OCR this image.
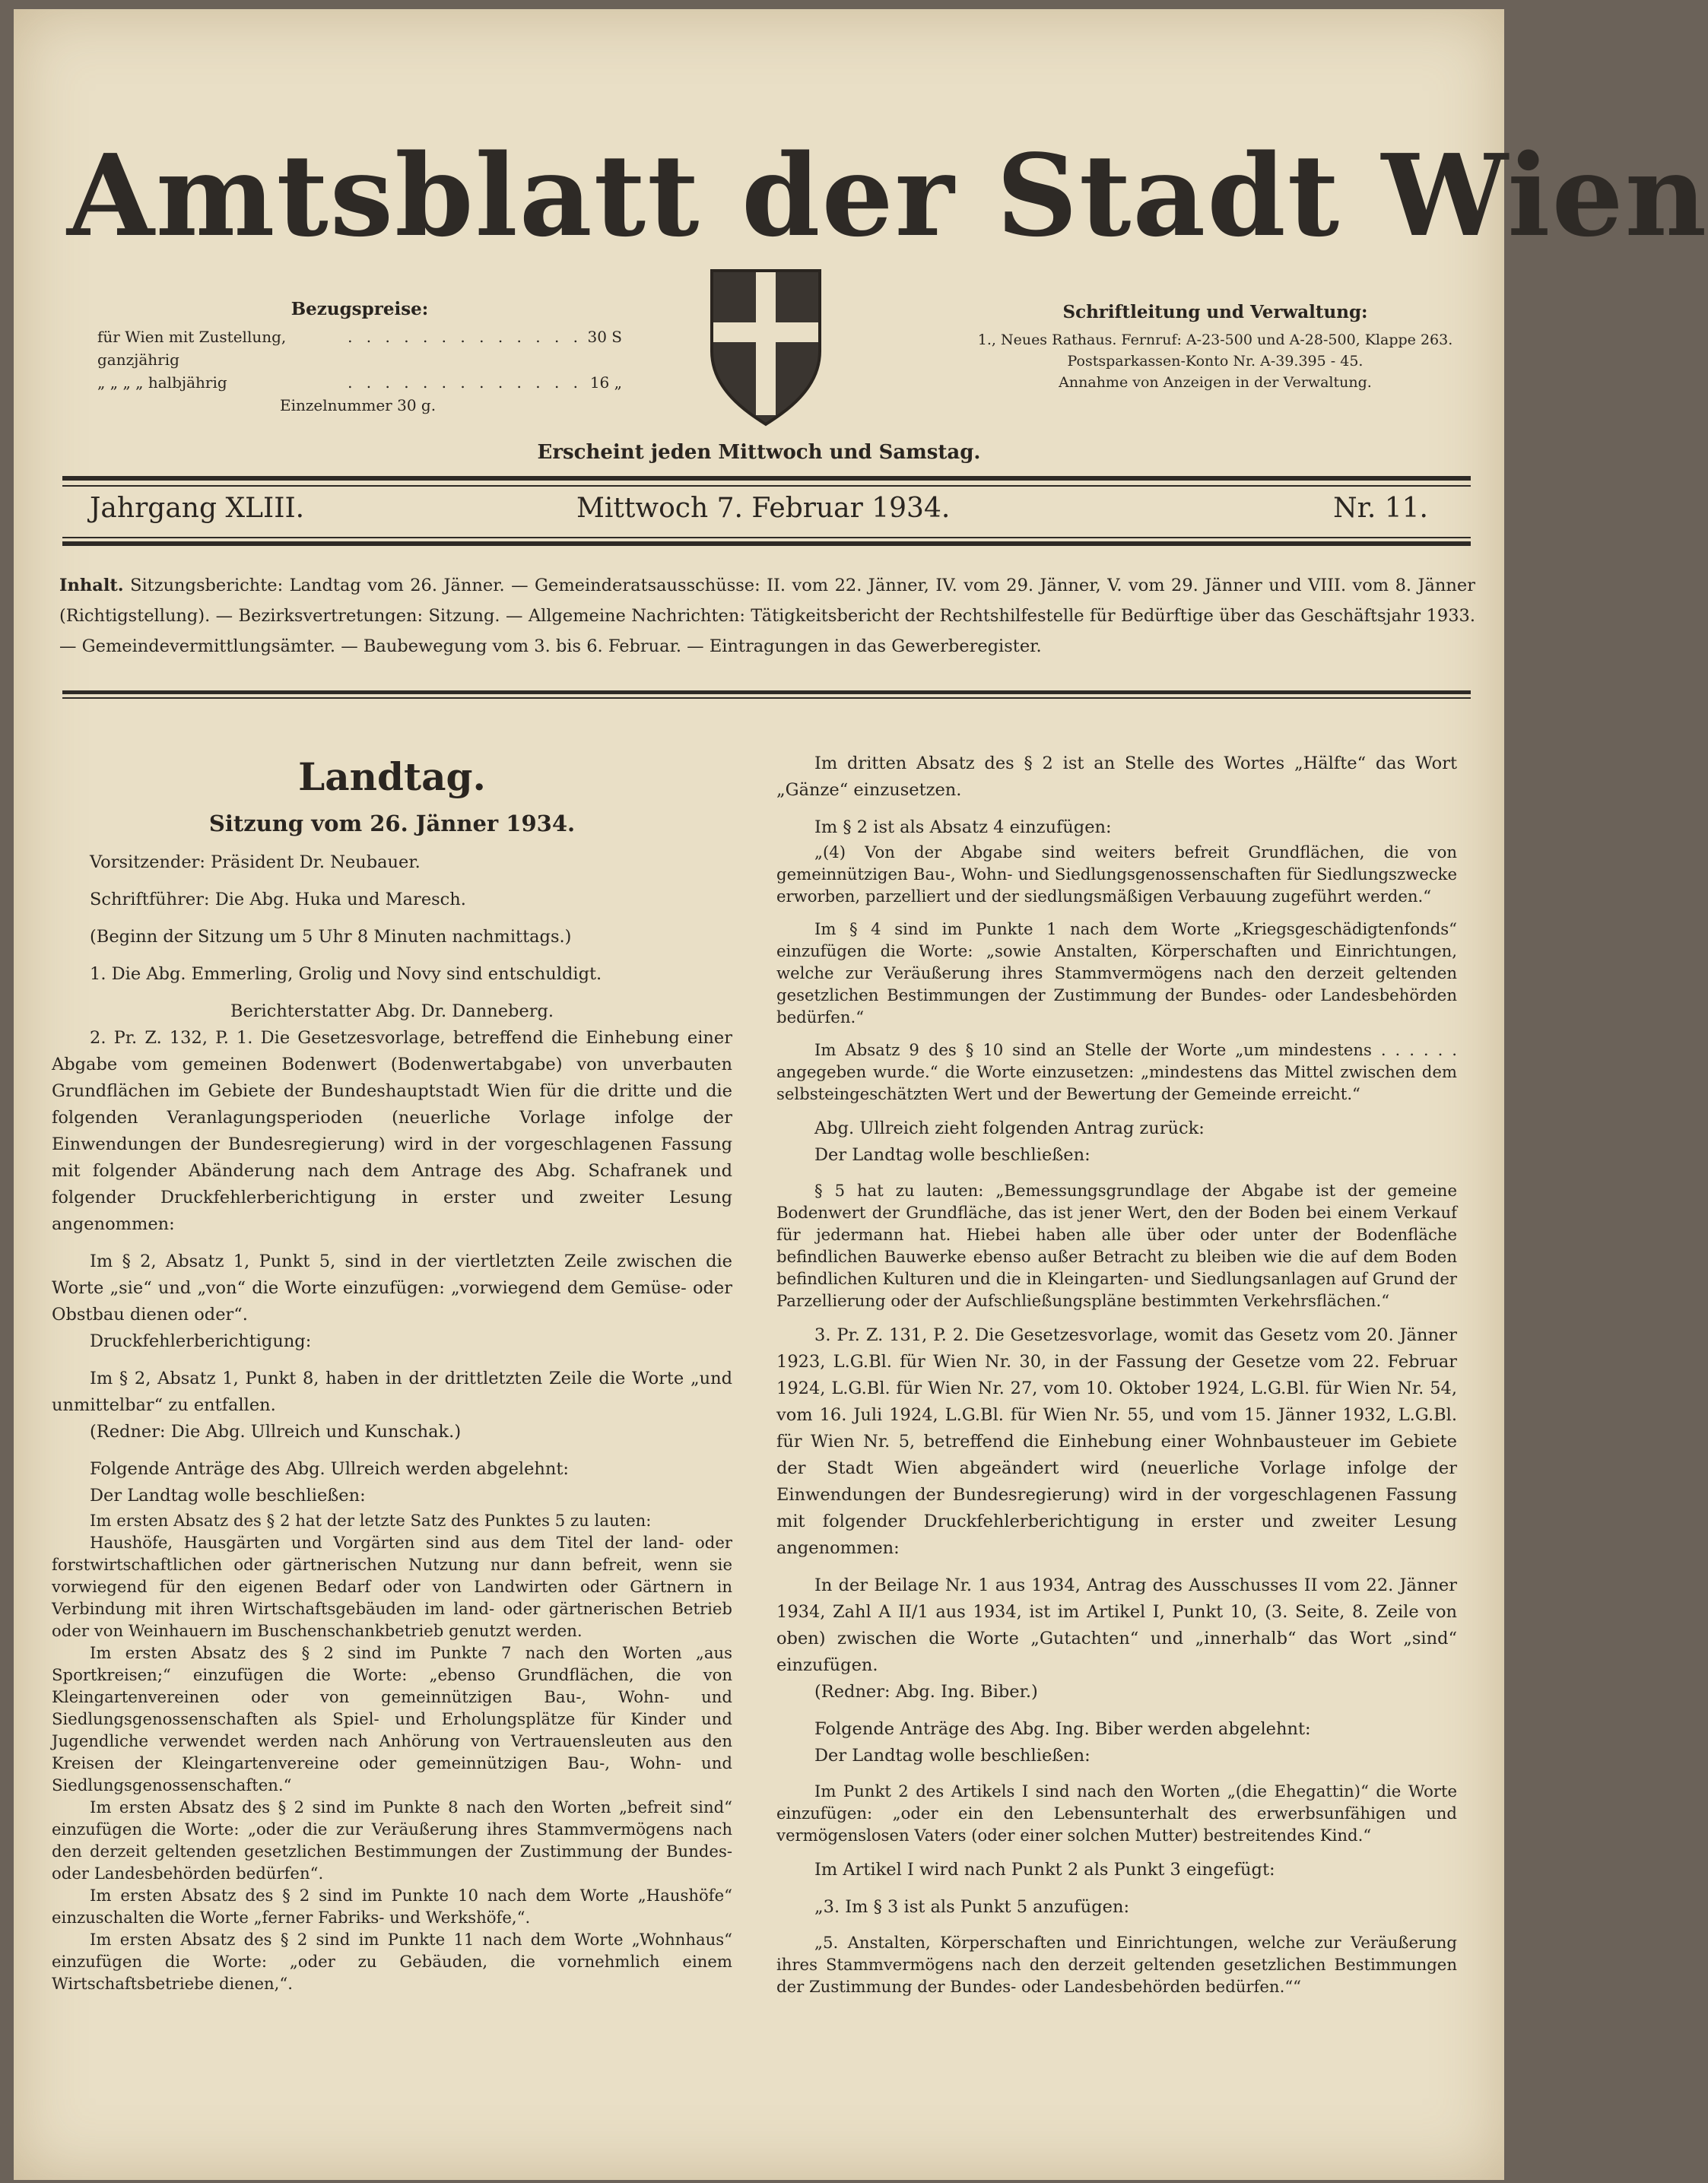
Amtsblatt der Stadt Wien
Bezugspreise:
für Wien mit Zustellung, ganzjährig
. . . . . . . . . . . . . 30 S
„ „ „ „ halbjährig	. . . . . . . . . . . . . 16 „
Einzelnummer 30 g.
Schriftleitung und Verwaltung:
1., Neues Rathaus. Fernruf: A-23-500 und A-28-500, Klappe 263.
Postsparkassen-Konto Nr. A-39.395 - 45.
Annahme von Anzeigen in der Verwaltung.
Erscheint jeden Mittwoch und Samstag.
Jahrgang XLIII.	Mittwoch 7. Februar 1934.	Nr. 11.
Inhalt. Sitzungsberichte: Landtag vom 26. Jänner. — Gemeinderatsausschüsse: II. vom 22. Jänner, IV. vom 29. Jänner, V. vom 29. Jänner und VIII. vom 8. Jänner (Richtigstellung). — Bezirksvertretungen: Sitzung. — Allgemeine Nachrichten: Tätigkeitsbericht der Rechtshilfestelle für Bedürftige über das Geschäftsjahr 1933. — Gemeindevermittlungsämter. — Baubewegung vom 3. bis 6. Februar. — Eintragungen in das Gewerberegister.
Landtag.
Sitzung vom 26. Jänner 1934.

Vorsitzender: Präsident Dr. Neubauer.

Schriftführer: Die Abg. Huka und Maresch.

(Beginn der Sitzung um 5 Uhr 8 Minuten nachmittags.)

1. Die Abg. Emmerling, Grolig und Novy sind entschuldigt.

Berichterstatter Abg. Dr. Danneberg.

2. Pr. Z. 132, P. 1. Die Gesetzesvorlage, betreffend die Einhebung einer Abgabe vom gemeinen Bodenwert (Bodenwertabgabe) von unverbauten Grundflächen im Gebiete der Bundeshauptstadt Wien für die dritte und die folgenden Veranlagungsperioden (neuerliche Vorlage infolge der Einwendungen der Bundesregierung) wird in der vorgeschlagenen Fassung mit folgender Abänderung nach dem Antrage des Abg. Schafranek und folgender Druckfehlerberichtigung in erster und zweiter Lesung angenommen:

Im § 2, Absatz 1, Punkt 5, sind in der viertletzten Zeile zwischen die Worte „sie“ und „von“ die Worte einzufügen: „vorwiegend dem Gemüse- oder Obstbau dienen oder“.

Druckfehlerberichtigung:

Im § 2, Absatz 1, Punkt 8, haben in der drittletzten Zeile die Worte „und unmittelbar“ zu entfallen.

(Redner: Die Abg. Ullreich und Kunschak.)

Folgende Anträge des Abg. Ullreich werden abgelehnt:

Der Landtag wolle beschließen:

Im ersten Absatz des § 2 hat der letzte Satz des Punktes 5 zu lauten:

Haushöfe, Hausgärten und Vorgärten sind aus dem Titel der land- oder forstwirtschaftlichen oder gärtnerischen Nutzung nur dann befreit, wenn sie vorwiegend für den eigenen Bedarf oder von Landwirten oder Gärtnern in Verbindung mit ihren Wirtschaftsgebäuden im land- oder gärtnerischen Betrieb oder von Weinhauern im Buschenschankbetrieb genutzt werden.

Im ersten Absatz des § 2 sind im Punkte 7 nach den Worten „aus Sportkreisen;“ einzufügen die Worte: „ebenso Grundflächen, die von Kleingartenvereinen oder von gemeinnützigen Bau-, Wohn- und Siedlungsgenossenschaften als Spiel- und Erholungsplätze für Kinder und Jugendliche verwendet werden nach Anhörung von Vertrauensleuten aus den Kreisen der Kleingartenvereine oder gemeinnützigen Bau-, Wohn- und Siedlungsgenossenschaften.“

Im ersten Absatz des § 2 sind im Punkte 8 nach den Worten „befreit sind“ einzufügen die Worte: „oder die zur Veräußerung ihres Stammvermögens nach den derzeit geltenden gesetzlichen Bestimmungen der Zustimmung der Bundes- oder Landesbehörden bedürfen“.

Im ersten Absatz des § 2 sind im Punkte 10 nach dem Worte „Haushöfe“ einzuschalten die Worte „ferner Fabriks- und Werkshöfe,“.

Im ersten Absatz des § 2 sind im Punkte 11 nach dem Worte „Wohnhaus“ einzufügen die Worte: „oder zu Gebäuden, die vornehmlich einem Wirtschaftsbetriebe dienen,“.

Im dritten Absatz des § 2 ist an Stelle des Wortes „Hälfte“ das Wort „Gänze“ einzusetzen.

Im § 2 ist als Absatz 4 einzufügen:

„(4) Von der Abgabe sind weiters befreit Grundflächen, die von gemeinnützigen Bau-, Wohn- und Siedlungsgenossenschaften für Siedlungszwecke erworben, parzelliert und der siedlungsmäßigen Verbauung zugeführt werden.“

Im § 4 sind im Punkte 1 nach dem Worte „Kriegsgeschädigtenfonds“ einzufügen die Worte: „sowie Anstalten, Körperschaften und Einrichtungen, welche zur Veräußerung ihres Stammvermögens nach den derzeit geltenden gesetzlichen Bestimmungen der Zustimmung der Bundes- oder Landesbehörden bedürfen.“

Im Absatz 9 des § 10 sind an Stelle der Worte „um mindestens . . . . . . angegeben wurde.“ die Worte einzusetzen: „mindestens das Mittel zwischen dem selbsteingeschätzten Wert und der Bewertung der Gemeinde erreicht.“

Abg. Ullreich zieht folgenden Antrag zurück:

Der Landtag wolle beschließen:

§ 5 hat zu lauten: „Bemessungsgrundlage der Abgabe ist der gemeine Bodenwert der Grundfläche, das ist jener Wert, den der Boden bei einem Verkauf für jedermann hat. Hiebei haben alle über oder unter der Bodenfläche befindlichen Bauwerke ebenso außer Betracht zu bleiben wie die auf dem Boden befindlichen Kulturen und die in Kleingarten- und Siedlungsanlagen auf Grund der Parzellierung oder der Aufschließungspläne bestimmten Verkehrsflächen.“

3. Pr. Z. 131, P. 2. Die Gesetzesvorlage, womit das Gesetz vom 20. Jänner 1923, L.G.Bl. für Wien Nr. 30, in der Fassung der Gesetze vom 22. Februar 1924, L.G.Bl. für Wien Nr. 27, vom 10. Oktober 1924, L.G.Bl. für Wien Nr. 54, vom 16. Juli 1924, L.G.Bl. für Wien Nr. 55, und vom 15. Jänner 1932, L.G.Bl. für Wien Nr. 5, betreffend die Einhebung einer Wohnbausteuer im Gebiete der Stadt Wien abgeändert wird (neuerliche Vorlage infolge der Einwendungen der Bundesregierung) wird in der vorgeschlagenen Fassung mit folgender Druckfehlerberichtigung in erster und zweiter Lesung angenommen:

In der Beilage Nr. 1 aus 1934, Antrag des Ausschusses II vom 22. Jänner 1934, Zahl A II/1 aus 1934, ist im Artikel I, Punkt 10, (3. Seite, 8. Zeile von oben) zwischen die Worte „Gutachten“ und „innerhalb“ das Wort „sind“ einzufügen.

(Redner: Abg. Ing. Biber.)

Folgende Anträge des Abg. Ing. Biber werden abgelehnt:

Der Landtag wolle beschließen:

Im Punkt 2 des Artikels I sind nach den Worten „(die Ehegattin)“ die Worte einzufügen: „oder ein den Lebensunterhalt des erwerbsunfähigen und vermögenslosen Vaters (oder einer solchen Mutter) bestreitendes Kind.“

Im Artikel I wird nach Punkt 2 als Punkt 3 eingefügt:

„3. Im § 3 ist als Punkt 5 anzufügen:

„5. Anstalten, Körperschaften und Einrichtungen, welche zur Veräußerung ihres Stammvermögens nach den derzeit geltenden gesetzlichen Bestimmungen der Zustimmung der Bundes- oder Landesbehörden bedürfen.““
